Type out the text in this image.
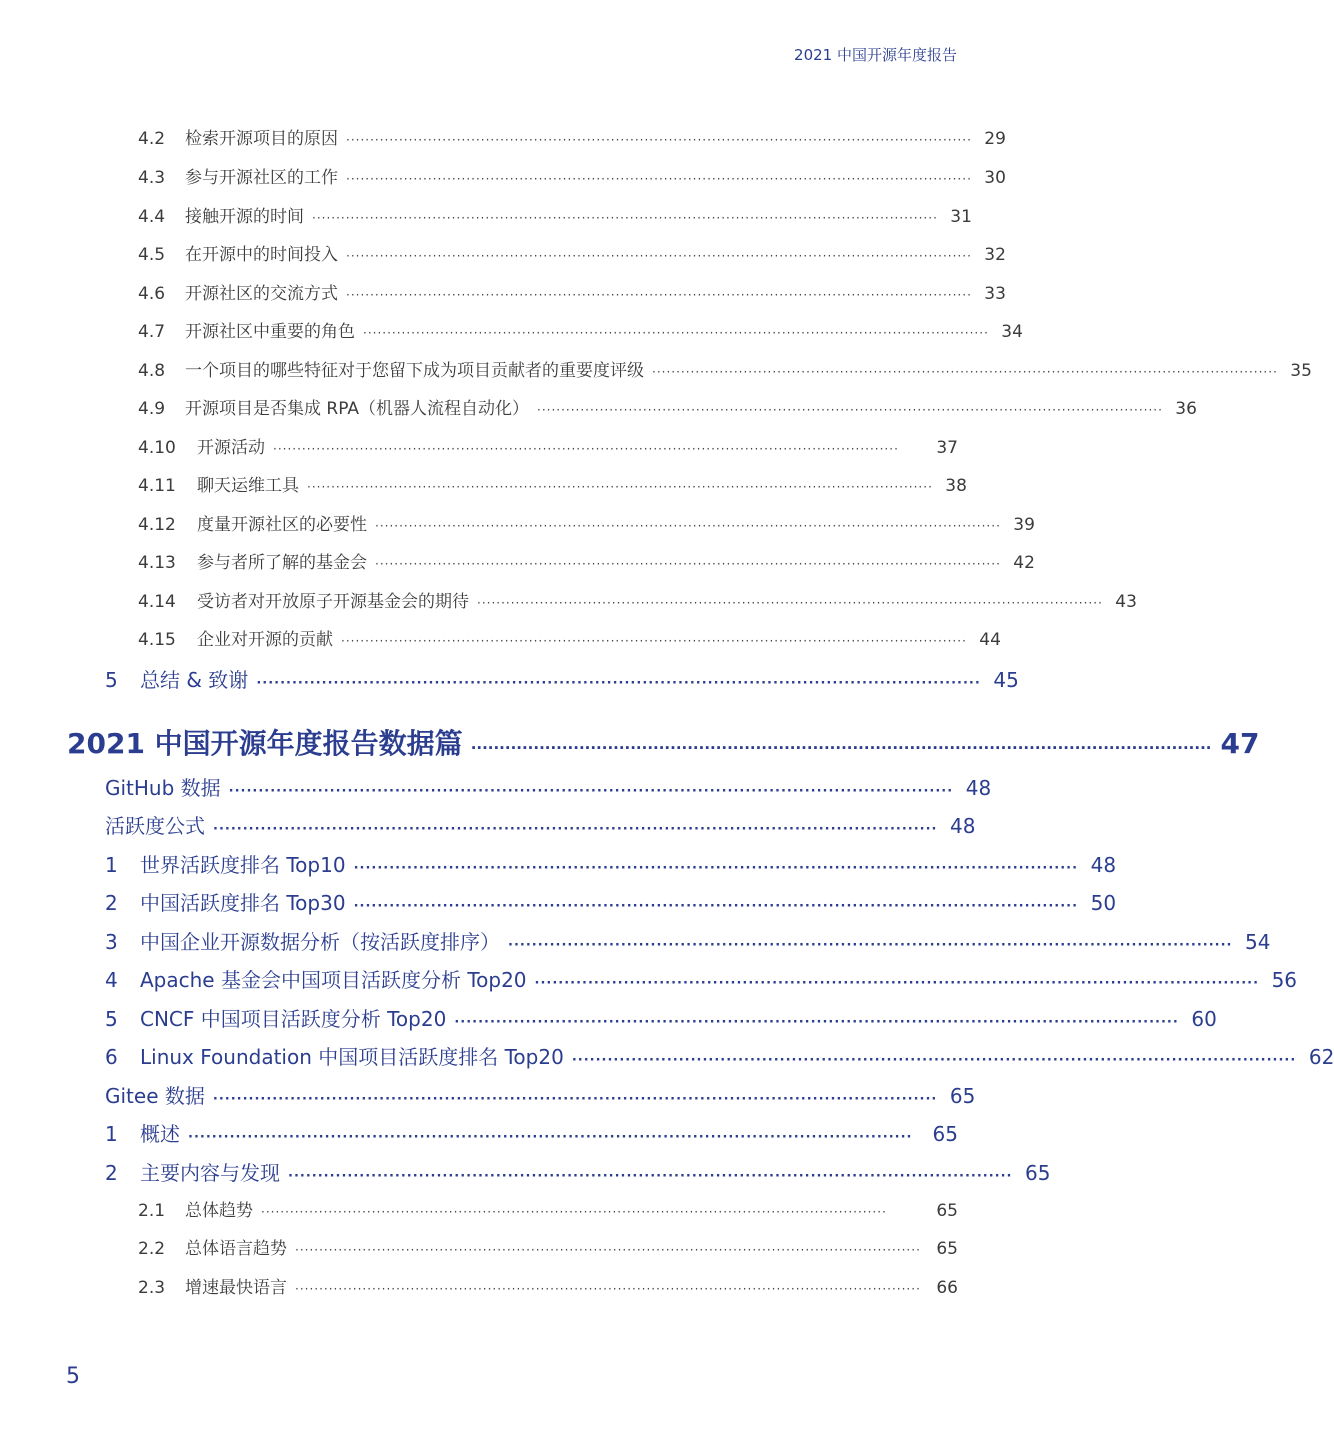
2021 中国开源年度报告
4.2	检索开源项目的原因 ·································································································································· 29
4.3	参与开源社区的工作 ·································································································································· 30
4.4	接触开源的时间 ·································································································································· 31
4.5	在开源中的时间投入 ·································································································································· 32
4.6	开源社区的交流方式 ·································································································································· 33
4.7	开源社区中重要的角色 ·································································································································· 34
4.8	一个项目的哪些特征对于您留下成为项目贡献者的重要度评级 ·································································································································· 35
4.9	开源项目是否集成 RPA（机器人流程自动化） ·································································································································· 36
4.10	开源活动 ··································································································································	37
4.11	聊天运维工具 ·································································································································· 38
4.12	度量开源社区的必要性 ·································································································································· 39
4.13	参与者所了解的基金会 ·································································································································· 42
4.14	受访者对开放原子开源基金会的期待 ·································································································································· 43
4.15	企业对开源的贡献 ·································································································································· 44
5	总结 & 致谢 ·························································································································· 45
2021 中国开源年度报告数据篇 ·································································································································· 47
GitHub 数据 ·························································································································· 48
活跃度公式 ·························································································································· 48
1	世界活跃度排名 Top10 ·························································································································· 48
2	中国活跃度排名 Top30 ·························································································································· 50
3	中国企业开源数据分析（按活跃度排序） ·························································································································· 54
4	Apache 基金会中国项目活跃度分析 Top20 ·························································································································· 56
5	CNCF 中国项目活跃度分析 Top20 ·························································································································· 60
6	Linux Foundation 中国项目活跃度排名 Top20 ·························································································································· 62
Gitee 数据 ·························································································································· 65
1	概述 ··························································································································	65
2	主要内容与发现 ·························································································································· 65
2.1	总体趋势 ··································································································································	65
2.2	总体语言趋势 ·································································································································· 65
2.3	增速最快语言 ·································································································································· 66
5
